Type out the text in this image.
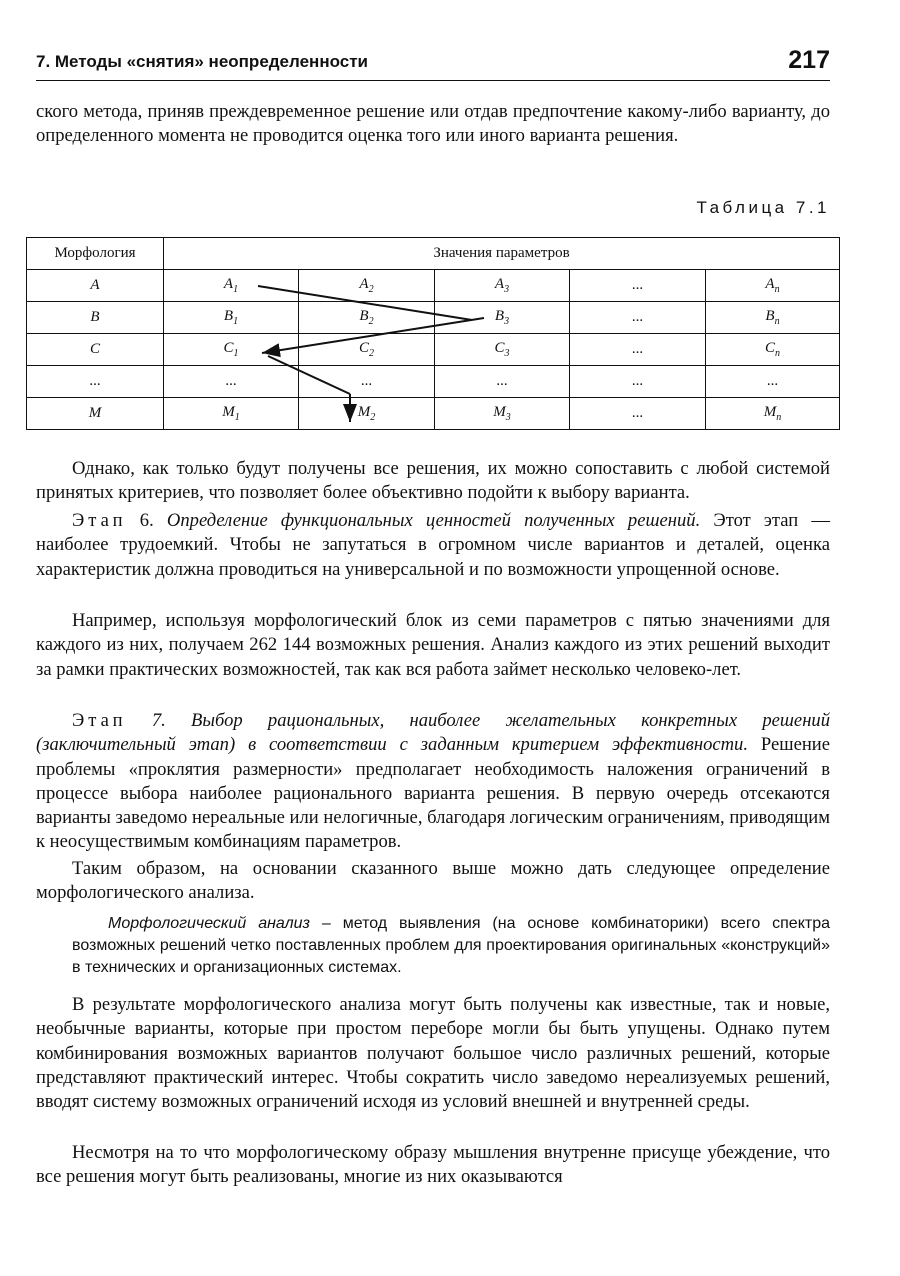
7. Методы «снятия» неопределенности	217

ского метода, приняв преждевременное решение или отдав предпочтение какому-либо варианту, до определенного момента не проводится оценка того или иного варианта решения.

Таблица 7.1
Морфология	Значения параметров				
A	$A_1$	$A_2$	$A_3$	...	$A_n$
B	$B_1$	$B_2$	$B_3$	...	$B_n$
C	$C_1$	$C_2$	$C_3$	...	$C_n$
...	...	...	...	...	...
M	$M_1$	$M_2$	$M_3$	...	$M_n$

Однако, как только будут получены все решения, их можно сопоставить с любой системой принятых критериев, что позволяет более объективно подойти к выбору варианта.

Этап 6. Определение функциональных ценностей полученных решений. Этот этап — наиболее трудоемкий. Чтобы не запутаться в огромном числе вариантов и деталей, оценка характеристик должна проводиться на универсальной и по возможности упрощенной основе.

Например, используя морфологический блок из семи параметров с пятью значениями для каждого из них, получаем 262 144 возможных решения. Анализ каждого из этих решений выходит за рамки практических возможностей, так как вся работа займет несколько человеко-лет.

Этап 7. Выбор рациональных, наиболее желательных конкретных решений (заключительный этап) в соответствии с заданным критерием эффективности. Решение проблемы «проклятия размерности» предполагает необходимость наложения ограничений в процессе выбора наиболее рационального варианта решения. В первую очередь отсекаются варианты заведомо нереальные или нелогичные, благодаря логическим ограничениям, приводящим к неосуществимым комбинациям параметров.

Таким образом, на основании сказанного выше можно дать следующее определение морфологического анализа.

Морфологический анализ – метод выявления (на основе комбинаторики) всего спектра возможных решений четко поставленных проблем для проектирования оригинальных «конструкций» в технических и организационных системах.

В результате морфологического анализа могут быть получены как известные, так и новые, необычные варианты, которые при простом переборе могли бы быть упущены. Однако путем комбинирования возможных вариантов получают большое число различных решений, которые представляют практический интерес. Чтобы сократить число заведомо нереализуемых решений, вводят систему возможных ограничений исходя из условий внешней и внутренней среды.

Несмотря на то что морфологическому образу мышления внутренне присуще убеждение, что все решения могут быть реализованы, многие из них оказываются
